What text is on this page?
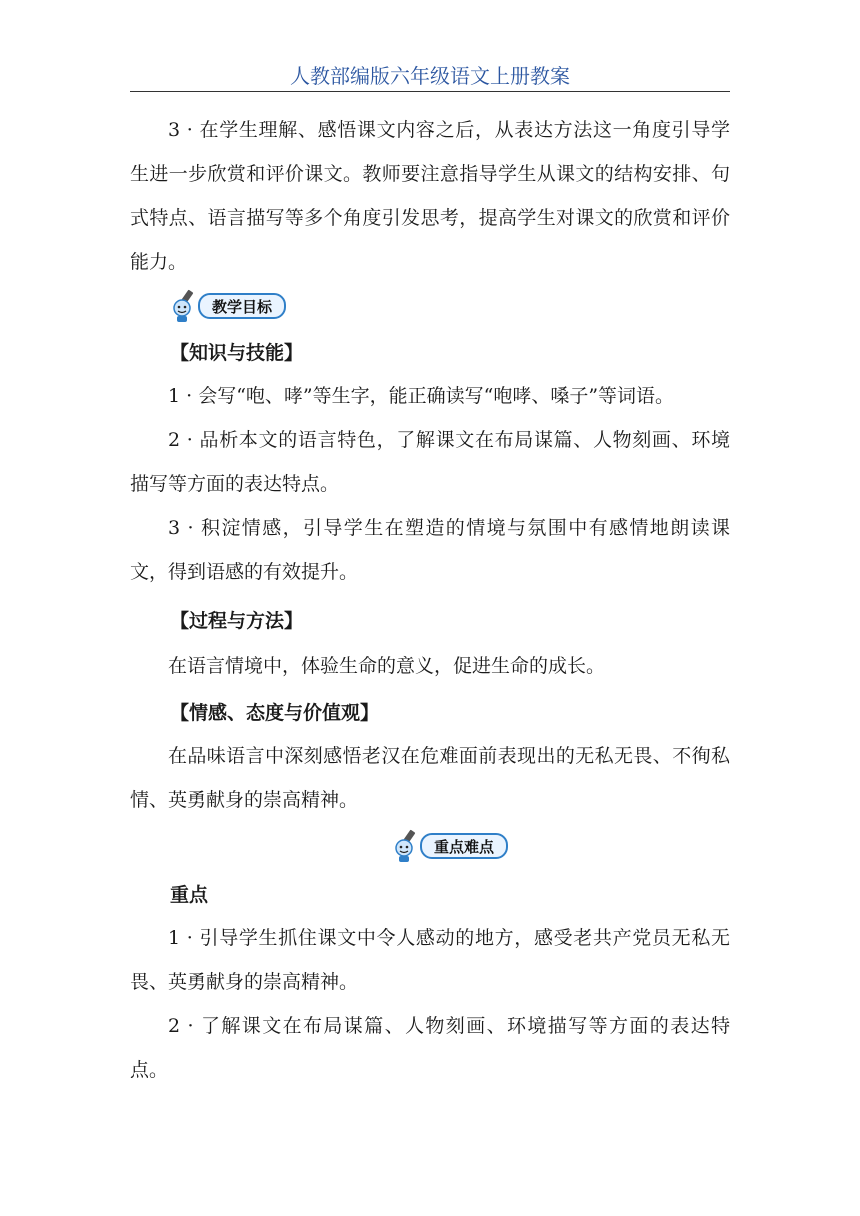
人教部编版六年级语文上册教案

3 · 在学生理解、感悟课文内容之后，从表达方法这一角度引导学生进一步欣赏和评价课文。教师要注意指导学生从课文的结构安排、句式特点、语言描写等多个角度引发思考，提高学生对课文的欣赏和评价能力。

教学目标
【知识与技能】

1 · 会写“咆、哮”等生字，能正确读写“咆哮、嗓子”等词语。

2 · 品析本文的语言特色，了解课文在布局谋篇、人物刻画、环境描写等方面的表达特点。

3 · 积淀情感，引导学生在塑造的情境与氛围中有感情地朗读课文，得到语感的有效提升。

【过程与方法】

在语言情境中，体验生命的意义，促进生命的成长。

【情感、态度与价值观】

在品味语言中深刻感悟老汉在危难面前表现出的无私无畏、不徇私情、英勇献身的崇高精神。

重点难点
重点

1 · 引导学生抓住课文中令人感动的地方，感受老共产党员无私无畏、英勇献身的崇高精神。

2 · 了解课文在布局谋篇、人物刻画、环境描写等方面的表达特点。
